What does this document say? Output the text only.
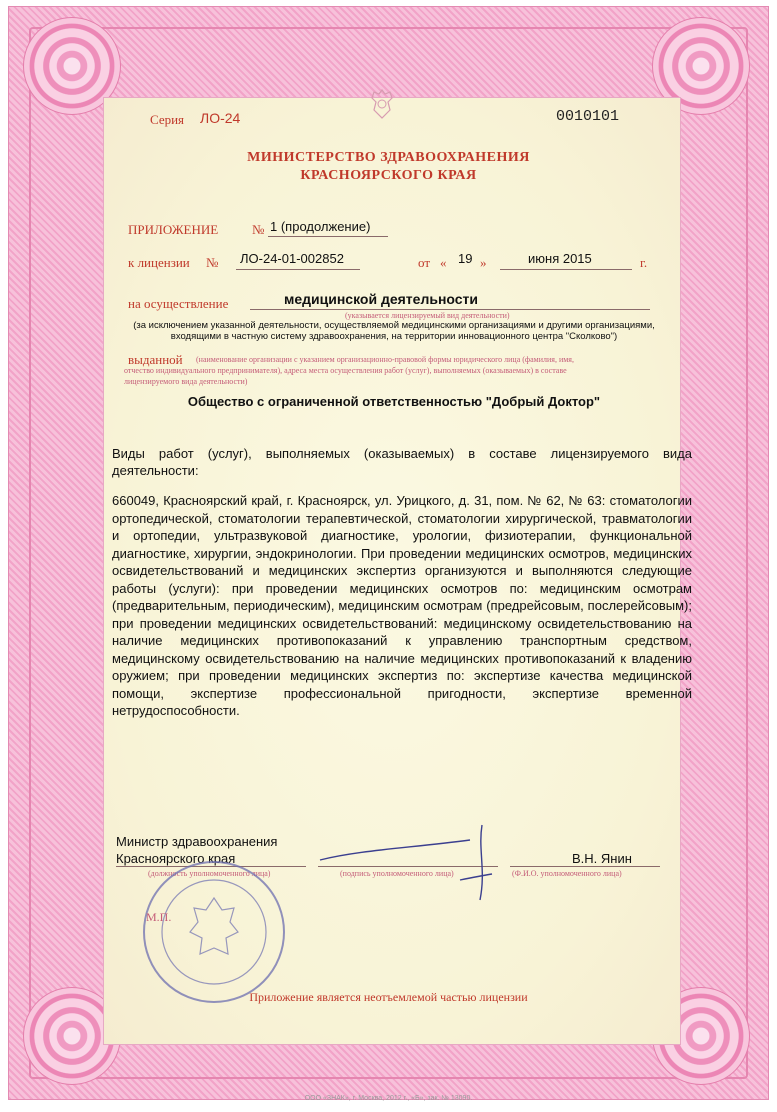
Серия ЛО-24	0010101
МИНИСТЕРСТВО ЗДРАВООХРАНЕНИЯ
КРАСНОЯРСКОГО КРАЯ
ПРИЛОЖЕНИЕ	№ 1 (продолжение)
к лицензии № ЛО-24-01-002852	от « 19 »	июня 2015	г.
на осуществление	медицинской деятельности
(указывается лицензируемый вид деятельности)
(за исключением указанной деятельности, осуществляемой медицинскими организациями и другими организациями,
входящими в частную систему здравоохранения, на территории инновационного центра "Сколково")
выданной (наименование организации с указанием организационно-правовой формы юридического лица (фамилия, имя,
отчество индивидуального предпринимателя), адреса места осуществления работ (услуг), выполняемых (оказываемых) в составе
лицензируемого вида деятельности)
Общество с ограниченной ответственностью "Добрый Доктор"
Виды работ (услуг), выполняемых (оказываемых) в составе лицензируемого вида деятельности:
660049, Красноярский край, г. Красноярск, ул. Урицкого, д. 31, пом. № 62, № 63: стоматологии ортопедической, стоматологии терапевтической, стоматологии хирургической, травматологии и ортопедии, ультразвуковой диагностике, урологии, физиотерапии, функциональной диагностике, хирургии, эндокринологии. При проведении медицинских осмотров, медицинских освидетельствований и медицинских экспертиз организуются и выполняются следующие работы (услуги): при проведении медицинских осмотров по: медицинским осмотрам (предварительным, периодическим), медицинским осмотрам (предрейсовым, послерейсовым); при проведении медицинских освидетельствований: медицинскому освидетельствованию на наличие медицинских противопоказаний к управлению транспортным средством, медицинскому освидетельствованию на наличие медицинских противопоказаний к владению оружием; при проведении медицинских экспертиз по: экспертизе качества медицинской помощи, экспертизе профессиональной пригодности, экспертизе временной нетрудоспособности.
Министр здравоохранения
Красноярского края
(должность уполномоченного лица)	(подпись уполномоченного лица)
В.Н. Янин
(Ф.И.О. уполномоченного лица)
М.П.
Приложение является неотъемлемой частью лицензии
ООО «ЗНАК», г. Москва, 2012 г., «Б», зак. № 13090.
